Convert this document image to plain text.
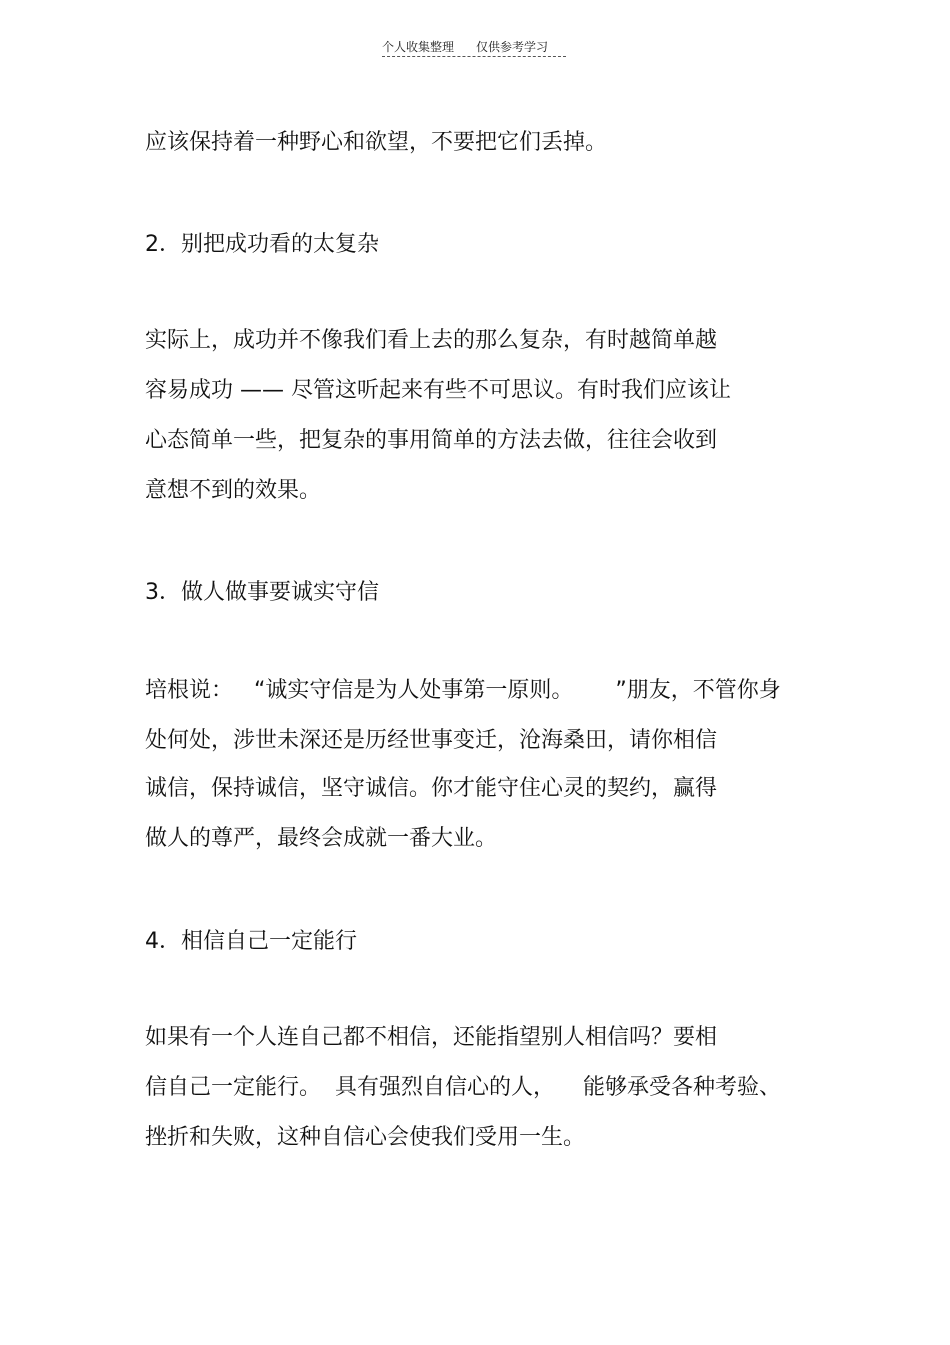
个人收集整理 仅供参考学习
应该保持着一种野心和欲望，不要把它们丢掉。
2．别把成功看的太复杂
实际上，成功并不像我们看上去的那么复杂，有时越简单越
容易成功 —— 尽管这听起来有些不可思议。有时我们应该让
心态简单一些，把复杂的事用简单的方法去做，往往会收到
意想不到的效果。
3．做人做事要诚实守信
培根说：   “诚实守信是为人处事第一原则。      ”朋友，不管你身
处何处，涉世未深还是历经世事变迁，沧海桑田，请你相信
诚信，保持诚信，坚守诚信。你才能守住心灵的契约，赢得
做人的尊严，最终会成就一番大业。
4．相信自己一定能行
如果有一个人连自己都不相信，还能指望别人相信吗？要相
信自己一定能行。  具有强烈自信心的人，    能够承受各种考验、
挫折和失败，这种自信心会使我们受用一生。
